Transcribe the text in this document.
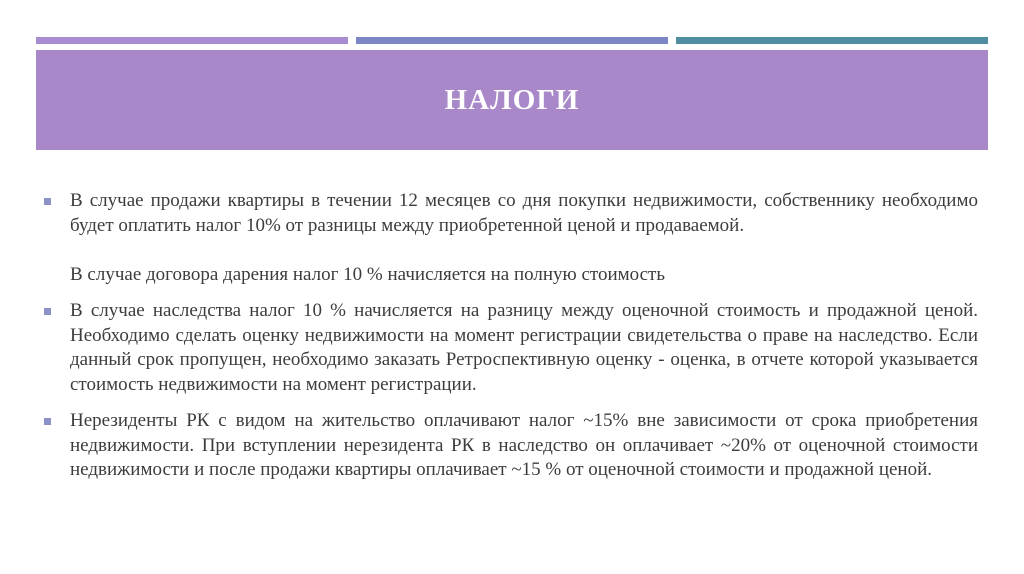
НАЛОГИ

В случае продажи квартиры в течении 12 месяцев со дня покупки недвижимости, собственнику необходимо будет оплатить налог 10% от разницы между приобретенной ценой и продаваемой.

В случае договора дарения налог 10 % начисляется на полную стоимость

В случае наследства налог 10 % начисляется на разницу между оценочной стоимость и продажной ценой. Необходимо сделать оценку недвижимости на момент регистрации свидетельства о праве на наследство. Если данный срок пропущен, необходимо заказать Ретроспективную оценку - оценка, в отчете которой указывается стоимость недвижимости на момент регистрации.

Нерезиденты РК с видом на жительство оплачивают налог ~15% вне зависимости от срока приобретения недвижимости. При вступлении нерезидента РК в наследство он оплачивает ~20% от оценочной стоимости недвижимости и после продажи квартиры оплачивает ~15 % от оценочной стоимости и продажной ценой.
